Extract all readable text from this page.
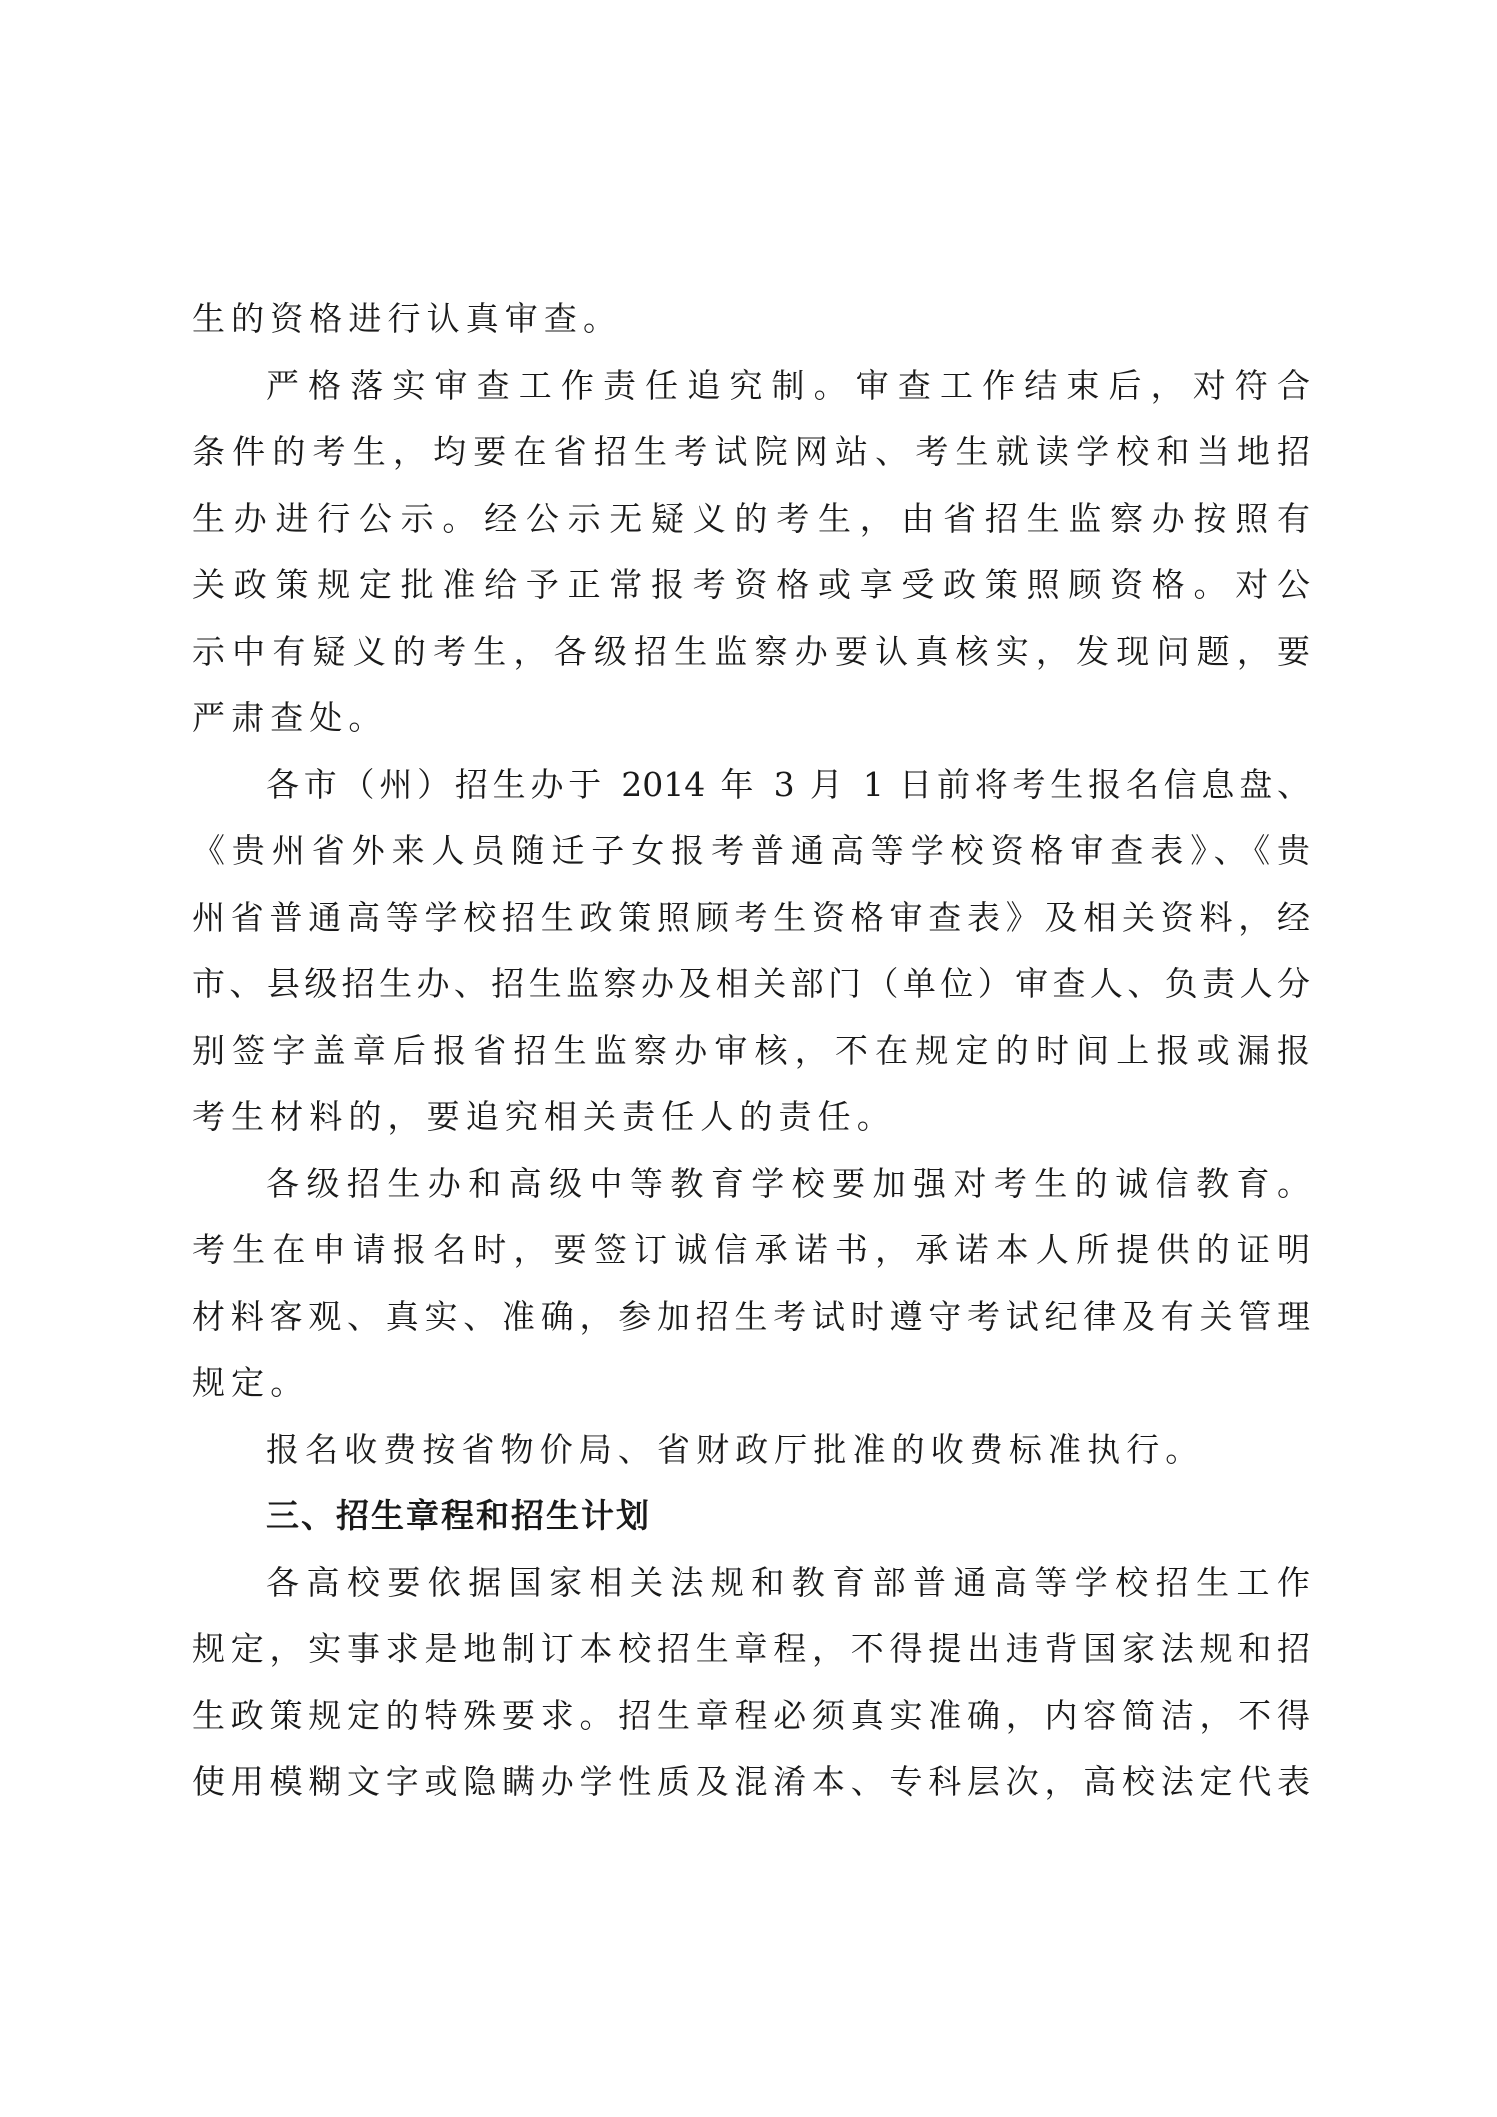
生的资格进行认真审查。
严格落实审查工作责任追究制。审查工作结束后，对符合
条件的考生，均要在省招生考试院网站、考生就读学校和当地招
生办进行公示。经公示无疑义的考生，由省招生监察办按照有
关政策规定批准给予正常报考资格或享受政策照顾资格。对公
示中有疑义的考生，各级招生监察办要认真核实，发现问题，要
严肃查处。
各市（州）招生办于 2014 年 3 月 1 日前将考生报名信息盘、
《贵州省外来人员随迁子女报考普通高等学校资格审查表》、《贵
州省普通高等学校招生政策照顾考生资格审查表》及相关资料，经
市、县级招生办、招生监察办及相关部门（单位）审查人、负责人分
别签字盖章后报省招生监察办审核，不在规定的时间上报或漏报
考生材料的，要追究相关责任人的责任。
各级招生办和高级中等教育学校要加强对考生的诚信教育。
考生在申请报名时，要签订诚信承诺书，承诺本人所提供的证明
材料客观、真实、准确，参加招生考试时遵守考试纪律及有关管理
规定。
报名收费按省物价局、省财政厅批准的收费标准执行。
三、招生章程和招生计划
各高校要依据国家相关法规和教育部普通高等学校招生工作
规定，实事求是地制订本校招生章程，不得提出违背国家法规和招
生政策规定的特殊要求。招生章程必须真实准确，内容简洁，不得
使用模糊文字或隐瞒办学性质及混淆本、专科层次，高校法定代表
